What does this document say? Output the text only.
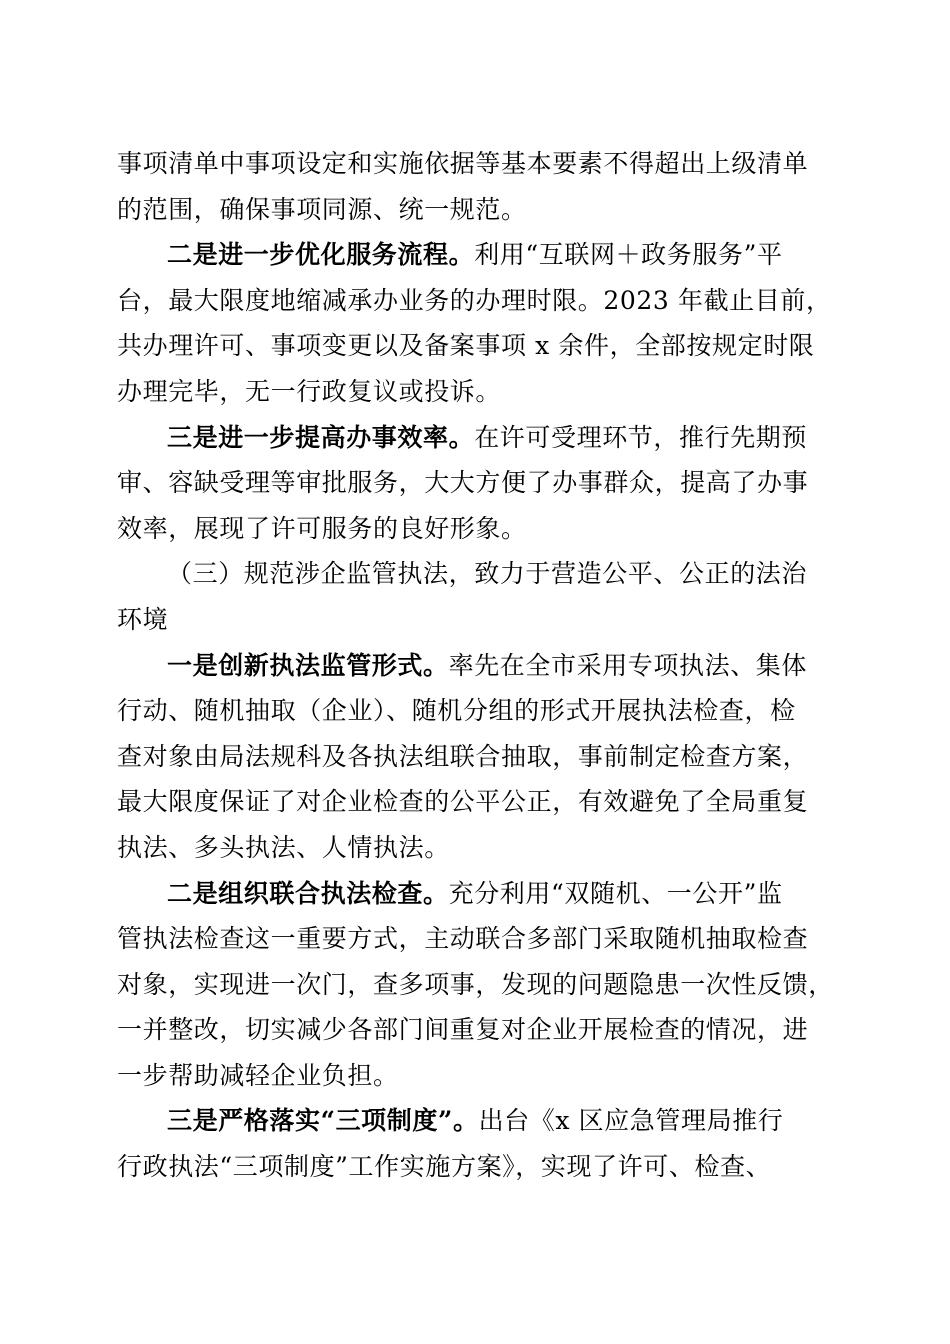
事项清单中事项设定和实施依据等基本要素不得超出上级清单
的范围，确保事项同源、统一规范。

二是进一步优化服务流程。利用“互联网＋政务服务”平
台，最大限度地缩减承办业务的办理时限。2023 年截止目前，
共办理许可、事项变更以及备案事项 x 余件，全部按规定时限
办理完毕，无一行政复议或投诉。

三是进一步提高办事效率。在许可受理环节，推行先期预
审、容缺受理等审批服务，大大方便了办事群众，提高了办事
效率，展现了许可服务的良好形象。

（三）规范涉企监管执法，致力于营造公平、公正的法治
环境

一是创新执法监管形式。率先在全市采用专项执法、集体
行动、随机抽取（企业）、随机分组的形式开展执法检查，检
查对象由局法规科及各执法组联合抽取，事前制定检查方案，
最大限度保证了对企业检查的公平公正，有效避免了全局重复
执法、多头执法、人情执法。

二是组织联合执法检查。充分利用“双随机、一公开”监
管执法检查这一重要方式，主动联合多部门采取随机抽取检查
对象，实现进一次门，查多项事，发现的问题隐患一次性反馈，
一并整改，切实减少各部门间重复对企业开展检查的情况，进
一步帮助减轻企业负担。

三是严格落实“三项制度”。出台《x 区应急管理局推行
行政执法“三项制度”工作实施方案》，实现了许可、检查、
